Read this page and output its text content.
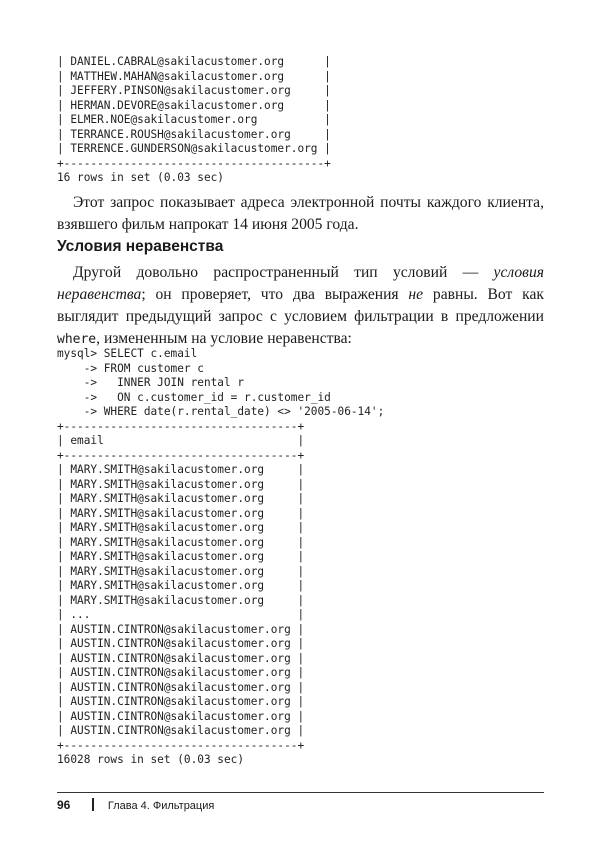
| DANIEL.CABRAL@sakilacustomer.org      |
| MATTHEW.MAHAN@sakilacustomer.org      |
| JEFFERY.PINSON@sakilacustomer.org     |
| HERMAN.DEVORE@sakilacustomer.org      |
| ELMER.NOE@sakilacustomer.org          |
| TERRANCE.ROUSH@sakilacustomer.org     |
| TERRENCE.GUNDERSON@sakilacustomer.org |
+---------------------------------------+
16 rows in set (0.03 sec)

Этот запрос показывает адреса электронной почты каждого клиента, взявшего фильм напрокат 14 июня 2005 года.

Условия неравенства

Другой довольно распространенный тип условий — условия неравенства; он проверяет, что два выражения не равны. Вот как выглядит предыдущий запрос с условием фильтрации в предложении where, измененным на условие неравенства:

mysql> SELECT c.email
-> FROM customer c
->   INNER JOIN rental r
->   ON c.customer_id = r.customer_id
-> WHERE date(r.rental_date) <> '2005-06-14';
+-----------------------------------+
| email                             |
+-----------------------------------+
| MARY.SMITH@sakilacustomer.org     |
| MARY.SMITH@sakilacustomer.org     |
| MARY.SMITH@sakilacustomer.org     |
| MARY.SMITH@sakilacustomer.org     |
| MARY.SMITH@sakilacustomer.org     |
| MARY.SMITH@sakilacustomer.org     |
| MARY.SMITH@sakilacustomer.org     |
| MARY.SMITH@sakilacustomer.org     |
| MARY.SMITH@sakilacustomer.org     |
| MARY.SMITH@sakilacustomer.org     |
| ...                               |
| AUSTIN.CINTRON@sakilacustomer.org |
| AUSTIN.CINTRON@sakilacustomer.org |
| AUSTIN.CINTRON@sakilacustomer.org |
| AUSTIN.CINTRON@sakilacustomer.org |
| AUSTIN.CINTRON@sakilacustomer.org |
| AUSTIN.CINTRON@sakilacustomer.org |
| AUSTIN.CINTRON@sakilacustomer.org |
| AUSTIN.CINTRON@sakilacustomer.org |
+-----------------------------------+
16028 rows in set (0.03 sec)
96	Глава 4. Фильтрация
